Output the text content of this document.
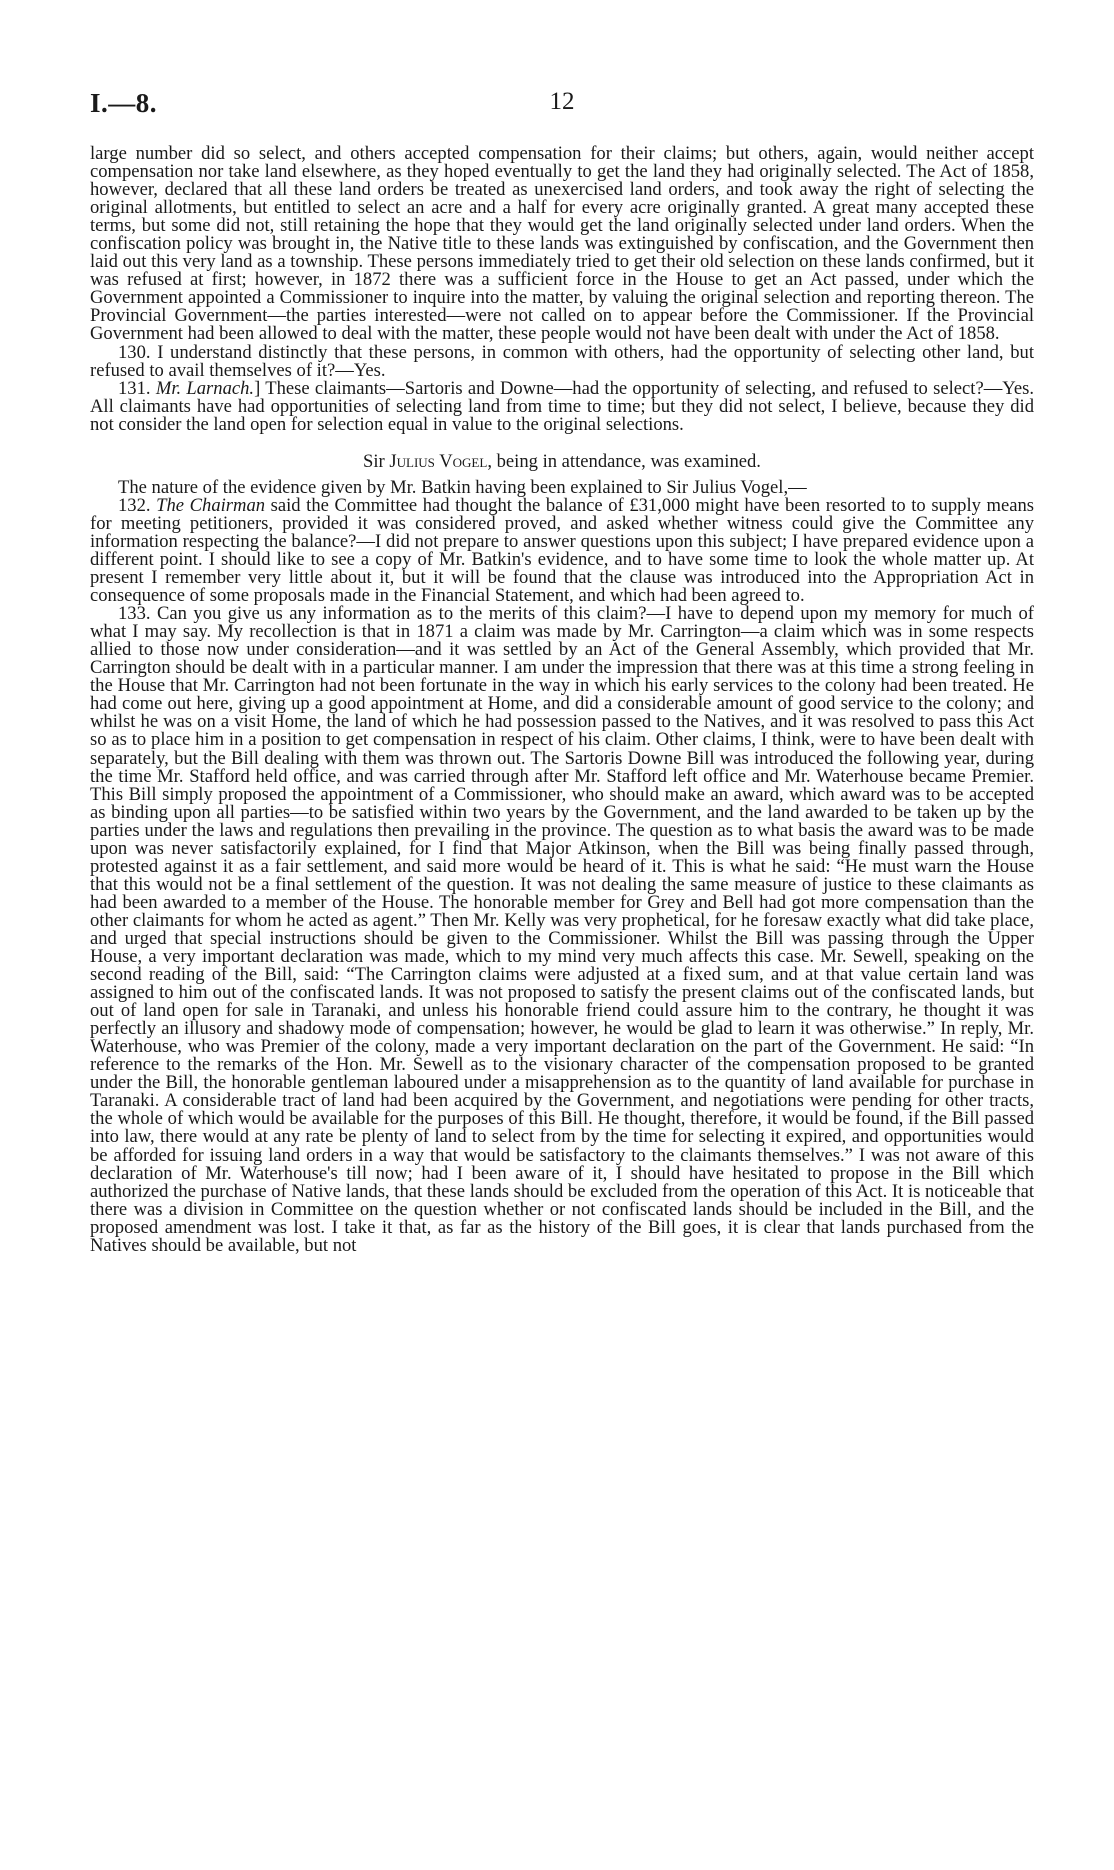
I.—8.	12

large number did so select, and others accepted compensation for their claims; but others, again, would neither accept compensation nor take land elsewhere, as they hoped eventually to get the land they had originally selected. The Act of 1858, however, declared that all these land orders be treated as unexercised land orders, and took away the right of selecting the original allotments, but entitled to select an acre and a half for every acre originally granted. A great many accepted these terms, but some did not, still retaining the hope that they would get the land originally selected under land orders. When the confiscation policy was brought in, the Native title to these lands was extinguished by confiscation, and the Government then laid out this very land as a township. These persons immediately tried to get their old selection on these lands confirmed, but it was refused at first; however, in 1872 there was a sufficient force in the House to get an Act passed, under which the Government appointed a Commissioner to inquire into the matter, by valuing the original selection and reporting thereon. The Provincial Government—the parties interested—were not called on to appear before the Commissioner. If the Provincial Government had been allowed to deal with the matter, these people would not have been dealt with under the Act of 1858.

130. I understand distinctly that these persons, in common with others, had the opportunity of selecting other land, but refused to avail themselves of it?—Yes.

131. Mr. Larnach.] These claimants—Sartoris and Downe—had the opportunity of selecting, and refused to select?—Yes. All claimants have had opportunities of selecting land from time to time; but they did not select, I believe, because they did not consider the land open for selection equal in value to the original selections.

Sir Julius Vogel, being in attendance, was examined.

The nature of the evidence given by Mr. Batkin having been explained to Sir Julius Vogel,—

132. The Chairman said the Committee had thought the balance of £31,000 might have been resorted to to supply means for meeting petitioners, provided it was considered proved, and asked whether witness could give the Committee any information respecting the balance?—I did not prepare to answer questions upon this subject; I have prepared evidence upon a different point. I should like to see a copy of Mr. Batkin's evidence, and to have some time to look the whole matter up. At present I remember very little about it, but it will be found that the clause was introduced into the Appropriation Act in consequence of some proposals made in the Financial Statement, and which had been agreed to.

133. Can you give us any information as to the merits of this claim?—I have to depend upon my memory for much of what I may say. My recollection is that in 1871 a claim was made by Mr. Carrington—a claim which was in some respects allied to those now under consideration—and it was settled by an Act of the General Assembly, which provided that Mr. Carrington should be dealt with in a particular manner. I am under the impression that there was at this time a strong feeling in the House that Mr. Carrington had not been fortunate in the way in which his early services to the colony had been treated. He had come out here, giving up a good appointment at Home, and did a considerable amount of good service to the colony; and whilst he was on a visit Home, the land of which he had possession passed to the Natives, and it was resolved to pass this Act so as to place him in a position to get compensation in respect of his claim. Other claims, I think, were to have been dealt with separately, but the Bill dealing with them was thrown out. The Sartoris Downe Bill was introduced the following year, during the time Mr. Stafford held office, and was carried through after Mr. Stafford left office and Mr. Waterhouse became Premier. This Bill simply proposed the appointment of a Commissioner, who should make an award, which award was to be accepted as binding upon all parties—to be satisfied within two years by the Government, and the land awarded to be taken up by the parties under the laws and regulations then prevailing in the province. The question as to what basis the award was to be made upon was never satisfactorily explained, for I find that Major Atkinson, when the Bill was being finally passed through, protested against it as a fair settlement, and said more would be heard of it. This is what he said: “He must warn the House that this would not be a final settlement of the question. It was not dealing the same measure of justice to these claimants as had been awarded to a member of the House. The honorable member for Grey and Bell had got more compensation than the other claimants for whom he acted as agent.” Then Mr. Kelly was very prophetical, for he foresaw exactly what did take place, and urged that special instructions should be given to the Commissioner. Whilst the Bill was passing through the Upper House, a very important declaration was made, which to my mind very much affects this case. Mr. Sewell, speaking on the second reading of the Bill, said: “The Carrington claims were adjusted at a fixed sum, and at that value certain land was assigned to him out of the confiscated lands. It was not proposed to satisfy the present claims out of the confiscated lands, but out of land open for sale in Taranaki, and unless his honorable friend could assure him to the contrary, he thought it was perfectly an illusory and shadowy mode of compensation; however, he would be glad to learn it was otherwise.” In reply, Mr. Waterhouse, who was Premier of the colony, made a very important declaration on the part of the Government. He said: “In reference to the remarks of the Hon. Mr. Sewell as to the visionary character of the compensation proposed to be granted under the Bill, the honorable gentleman laboured under a misapprehension as to the quantity of land available for purchase in Taranaki. A considerable tract of land had been acquired by the Government, and negotiations were pending for other tracts, the whole of which would be available for the purposes of this Bill. He thought, therefore, it would be found, if the Bill passed into law, there would at any rate be plenty of land to select from by the time for selecting it expired, and opportunities would be afforded for issuing land orders in a way that would be satisfactory to the claimants themselves.” I was not aware of this declaration of Mr. Waterhouse's till now; had I been aware of it, I should have hesitated to propose in the Bill which authorized the purchase of Native lands, that these lands should be excluded from the operation of this Act. It is noticeable that there was a division in Committee on the question whether or not confiscated lands should be included in the Bill, and the proposed amendment was lost. I take it that, as far as the history of the Bill goes, it is clear that lands purchased from the Natives should be available, but not
